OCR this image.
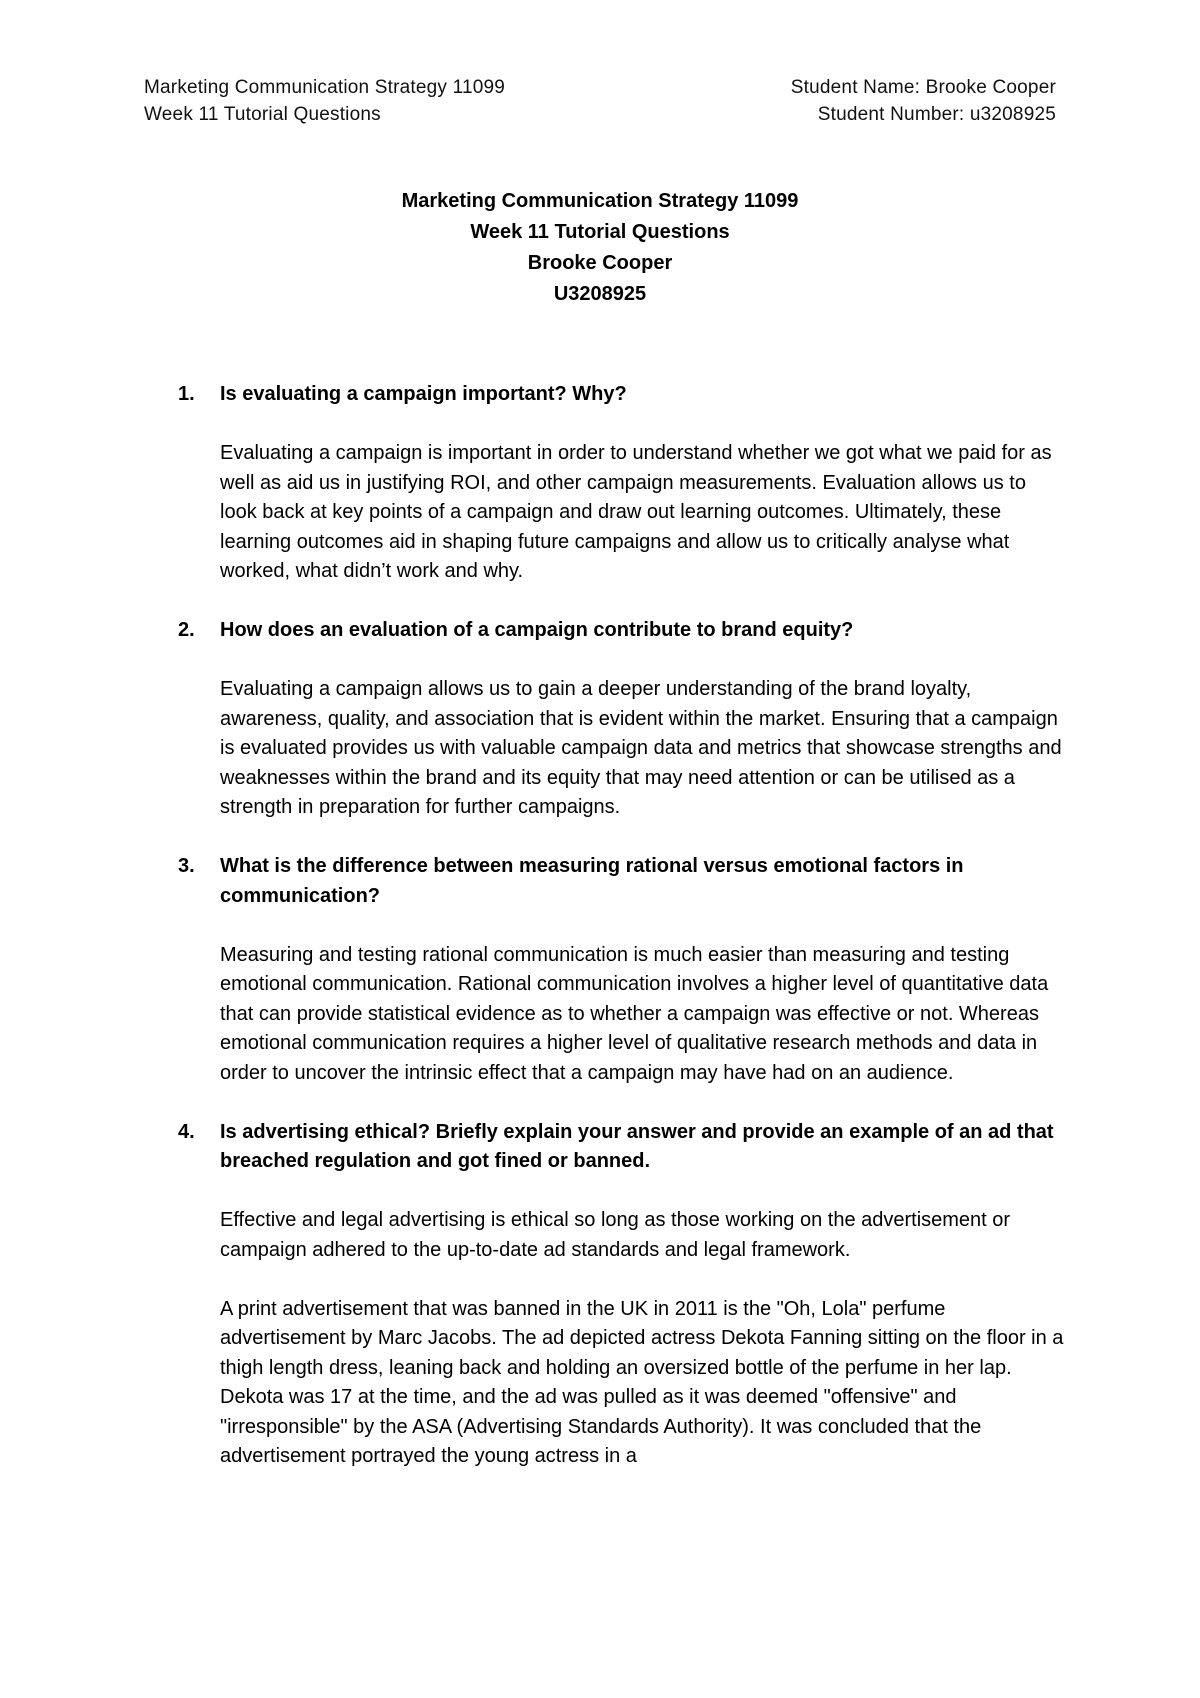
Marketing Communication Strategy 11099
Week 11 Tutorial Questions
Student Name: Brooke Cooper
Student Number: u3208925
Marketing Communication Strategy 11099
Week 11 Tutorial Questions
Brooke Cooper
U3208925
1. Is evaluating a campaign important? Why?
Evaluating a campaign is important in order to understand whether we got what we paid for as well as aid us in justifying ROI, and other campaign measurements. Evaluation allows us to look back at key points of a campaign and draw out learning outcomes. Ultimately, these learning outcomes aid in shaping future campaigns and allow us to critically analyse what worked, what didn’t work and why.
2. How does an evaluation of a campaign contribute to brand equity?
Evaluating a campaign allows us to gain a deeper understanding of the brand loyalty, awareness, quality, and association that is evident within the market. Ensuring that a campaign is evaluated provides us with valuable campaign data and metrics that showcase strengths and weaknesses within the brand and its equity that may need attention or can be utilised as a strength in preparation for further campaigns.
3. What is the difference between measuring rational versus emotional factors in communication?
Measuring and testing rational communication is much easier than measuring and testing emotional communication. Rational communication involves a higher level of quantitative data that can provide statistical evidence as to whether a campaign was effective or not. Whereas emotional communication requires a higher level of qualitative research methods and data in order to uncover the intrinsic effect that a campaign may have had on an audience.
4. Is advertising ethical? Briefly explain your answer and provide an example of an ad that breached regulation and got fined or banned.
Effective and legal advertising is ethical so long as those working on the advertisement or campaign adhered to the up-to-date ad standards and legal framework.
A print advertisement that was banned in the UK in 2011 is the "Oh, Lola" perfume advertisement by Marc Jacobs. The ad depicted actress Dekota Fanning sitting on the floor in a thigh length dress, leaning back and holding an oversized bottle of the perfume in her lap. Dekota was 17 at the time, and the ad was pulled as it was deemed "offensive" and "irresponsible" by the ASA (Advertising Standards Authority). It was concluded that the advertisement portrayed the young actress in a
